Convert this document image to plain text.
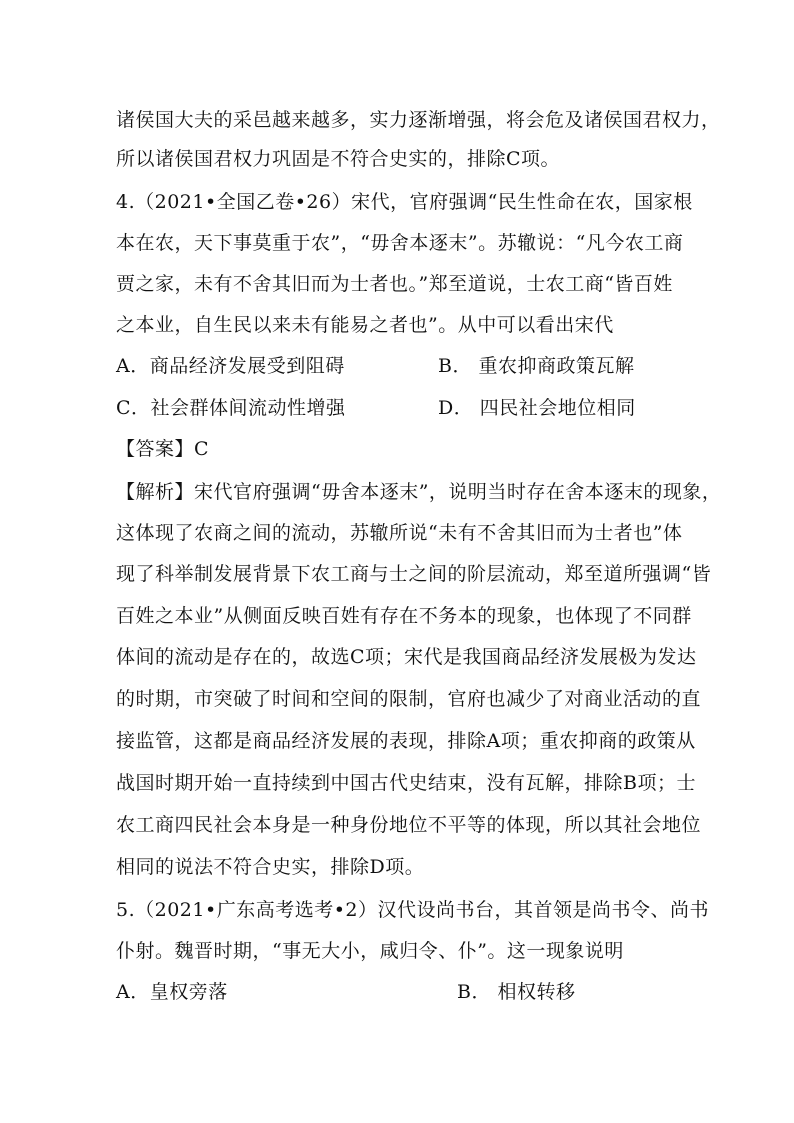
诸侯国大夫的采邑越来越多，实力逐渐增强，将会危及诸侯国君权力，
所以诸侯国君权力巩固是不符合史实的，排除C项。
4.（2021•全国乙卷•26）宋代，官府强调“民生性命在农，国家根
本在农，天下事莫重于农”，“毋舍本逐末”。苏辙说：“凡今农工商
贾之家，未有不舍其旧而为士者也。”郑至道说，士农工商“皆百姓
之本业，自生民以来未有能易之者也”。从中可以看出宋代
A．商品经济发展受到阻碍	B． 重农抑商政策瓦解
C．社会群体间流动性增强	D． 四民社会地位相同
【答案】C
【解析】宋代官府强调“毋舍本逐末”，说明当时存在舍本逐末的现象，
这体现了农商之间的流动，苏辙所说“未有不舍其旧而为士者也”体
现了科举制发展背景下农工商与士之间的阶层流动，郑至道所强调“皆
百姓之本业”从侧面反映百姓有存在不务本的现象，也体现了不同群
体间的流动是存在的，故选C项；宋代是我国商品经济发展极为发达
的时期，市突破了时间和空间的限制，官府也减少了对商业活动的直
接监管，这都是商品经济发展的表现，排除A项；重农抑商的政策从
战国时期开始一直持续到中国古代史结束，没有瓦解，排除B项；士
农工商四民社会本身是一种身份地位不平等的体现，所以其社会地位
相同的说法不符合史实，排除D项。
5.（2021•广东高考选考•2）汉代设尚书台，其首领是尚书令、尚书
仆射。魏晋时期，“事无大小，咸归令、仆”。这一现象说明
A．皇权旁落	B． 相权转移
